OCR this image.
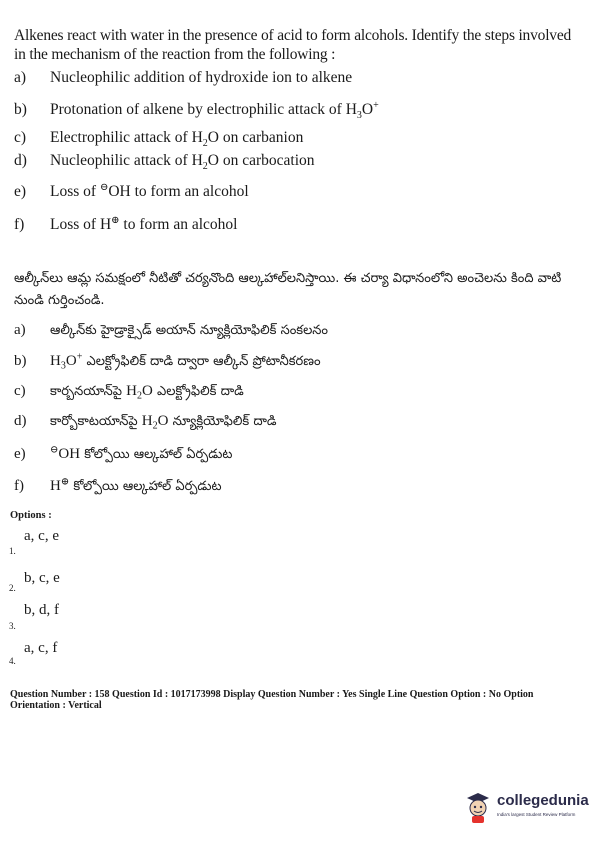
Alkenes react with water in the presence of acid to form alcohols. Identify the steps involved in the mechanism of the reaction from the following :
a) Nucleophilic addition of hydroxide ion to alkene
b) Protonation of alkene by electrophilic attack of $H_3O^+$
c) Electrophilic attack of $H_2O$ on carbanion
d) Nucleophilic attack of $H_2O$ on carbocation
e) Loss of ⊖OH to form an alcohol
f) Loss of H⊕ to form an alcohol
ఆల్కీన్‌లు ఆమ్ల సమక్షంలో నీటితో చర్యనొంది ఆల్కహాల్‌లనిస్తాయి. ఈ చర్యా విధానంలోని అంచెలను కింది వాటి నుండి గుర్తించండి.
a) ఆల్కీన్‌కు హైడ్రాక్సైడ్ అయాన్ న్యూక్లియోఫిలిక్ సంకలనం
b) $H_3O^+$ ఎలక్ట్రోఫిలిక్ దాడి ద్వారా ఆల్కీన్ ప్రోటానీకరణం
c) కార్బనయాన్‌పై $H_2O$ ఎలక్ట్రోఫిలిక్ దాడి
d) కార్బోకాటయాన్‌పై $H_2O$ న్యూక్లియోఫిలిక్ దాడి
e) ⊖OH కోల్పోయి ఆల్కహాల్ ఏర్పడుట
f) H⊕ కోల్పోయి ఆల్కహాల్ ఏర్పడుట
Options :
a, c, e
1.
b, c, e
2.
b, d, f
3.
a, c, f
4.
Question Number : 158 Question Id : 1017173998 Display Question Number : Yes Single Line Question Option : No Option
Orientation : Vertical
collegedunia
India's largest Student Review Platform
